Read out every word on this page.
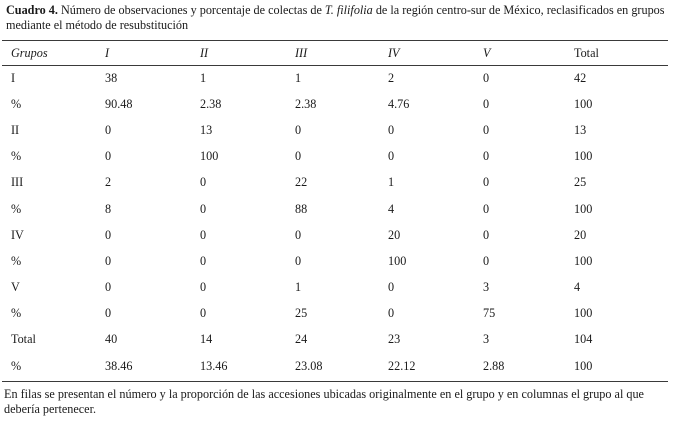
Cuadro 4. Número de observaciones y porcentaje de colectas de T. filifolia de la región centro-sur de México, reclasificados en grupos mediante el método de resubstitución
Grupos	I	II	III	IV	V	Total
I	38	1	1	2	0	42
%	90.48	2.38	2.38	4.76	0	100
II	0	13	0	0	0	13
%	0	100	0	0	0	100
III	2	0	22	1	0	25
%	8	0	88	4	0	100
IV	0	0	0	20	0	20
%	0	0	0	100	0	100
V	0	0	1	0	3	4
%	0	0	25	0	75	100
Total	40	14	24	23	3	104
%	38.46	13.46	23.08	22.12	2.88	100
En filas se presentan el número y la proporción de las accesiones ubicadas originalmente en el grupo y en columnas el grupo al que debería pertenecer.
